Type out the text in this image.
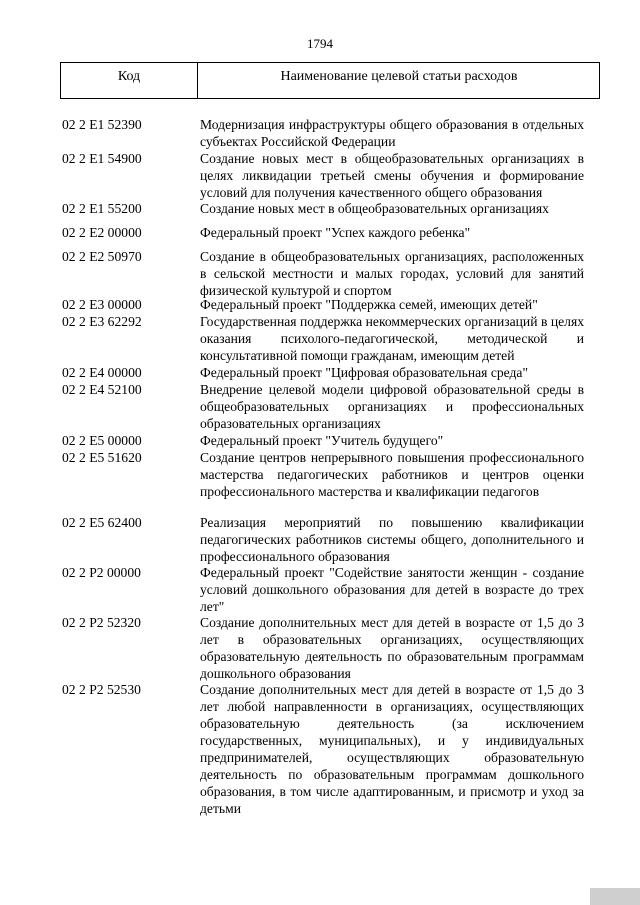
1794
Код	Наименование целевой статьи расходов
02 2 E1 52390	Модернизация инфраструктуры общего образования в отдельных субъектах Российской Федерации
02 2 E1 54900	Создание новых мест в общеобразовательных организациях в целях ликвидации третьей смены обучения и формирование условий для получения качественного общего образования
02 2 E1 55200	Создание новых мест в общеобразовательных организациях
02 2 E2 00000	Федеральный проект "Успех каждого ребенка"
02 2 E2 50970	Создание в общеобразовательных организациях, расположенных в сельской местности и малых городах, условий для занятий физической культурой и спортом
02 2 E3 00000	Федеральный проект "Поддержка семей, имеющих детей"
02 2 E3 62292	Государственная поддержка некоммерческих организаций в целях оказания психолого-педагогической, методической и консультативной помощи гражданам, имеющим детей
02 2 E4 00000	Федеральный проект "Цифровая образовательная среда"
02 2 E4 52100	Внедрение целевой модели цифровой образовательной среды в общеобразовательных организациях и профессиональных образовательных организациях
02 2 E5 00000	Федеральный проект "Учитель будущего"
02 2 E5 51620	Создание центров непрерывного повышения профессионального мастерства педагогических работников и центров оценки профессионального мастерства и квалификации педагогов
02 2 E5 62400	Реализация мероприятий по повышению квалификации педагогических работников системы общего, дополнительного и профессионального образования
02 2 P2 00000	Федеральный проект "Содействие занятости женщин - создание условий дошкольного образования для детей в возрасте до трех лет"
02 2 P2 52320	Создание дополнительных мест для детей в возрасте от 1,5 до 3 лет в образовательных организациях, осуществляющих образовательную деятельность по образовательным программам дошкольного образования
02 2 P2 52530	Создание дополнительных мест для детей в возрасте от 1,5 до 3 лет любой направленности в организациях, осуществляющих образовательную деятельность (за исключением государственных, муниципальных), и у индивидуальных предпринимателей, осуществляющих образовательную деятельность по образовательным программам дошкольного образования, в том числе адаптированным, и присмотр и уход за детьми
